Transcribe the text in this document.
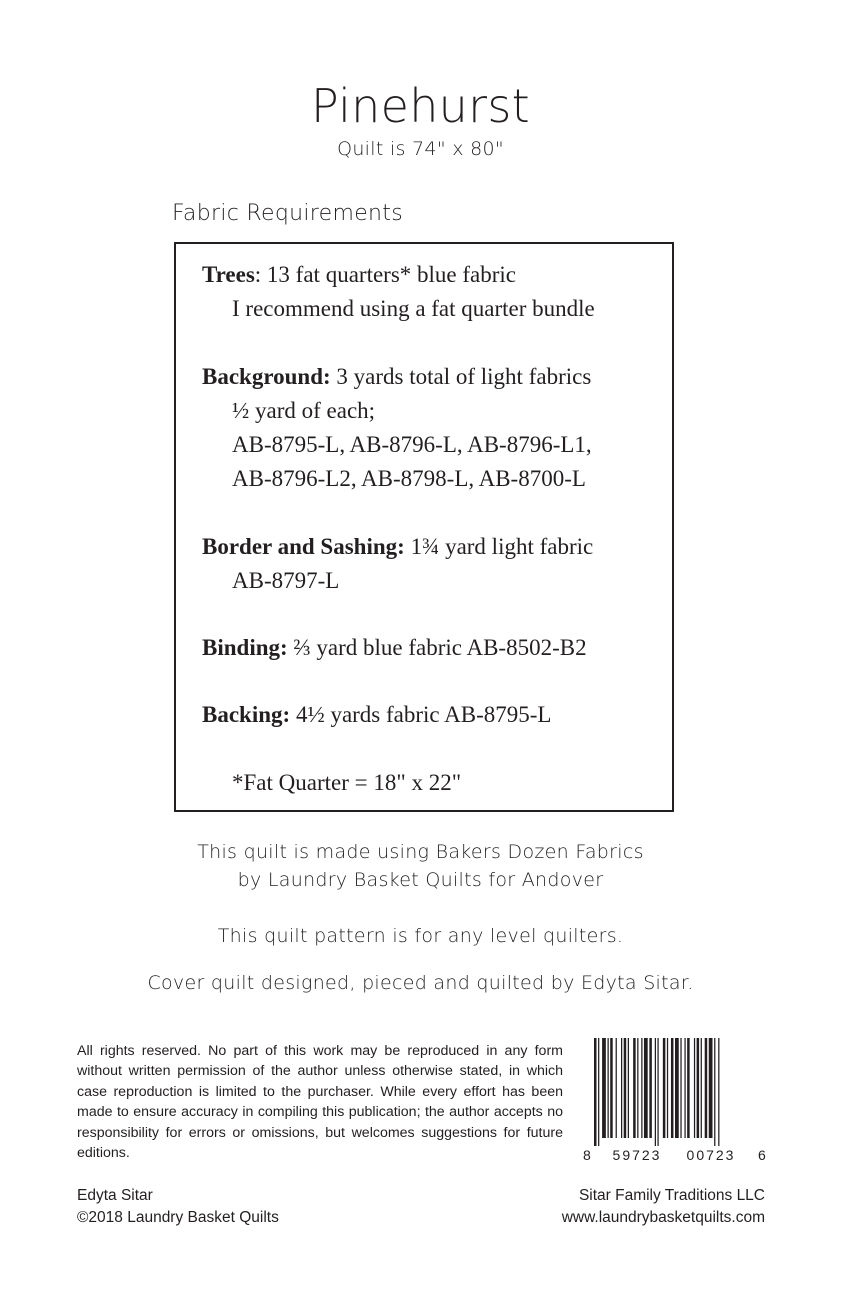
Pinehurst
Quilt is 74" x 80"
Fabric Requirements
Trees: 13 fat quarters* blue fabric
I recommend using a fat quarter bundle
Background: 3 yards total of light fabrics
½ yard of each;
AB-8795-L, AB-8796-L, AB-8796-L1,
AB-8796-L2, AB-8798-L, AB-8700-L
Border and Sashing: 1¾ yard light fabric
AB-8797-L
Binding: ⅔ yard blue fabric AB-8502-B2
Backing: 4½ yards fabric AB-8795-L
*Fat Quarter = 18" x 22"
This quilt is made using Bakers Dozen Fabrics
by Laundry Basket Quilts for Andover
This quilt pattern is for any level quilters.
Cover quilt designed, pieced and quilted by Edyta Sitar.
All rights reserved. No part of this work may be reproduced in any form without written permission of the author unless otherwise stated, in which case reproduction is limited to the purchaser. While every effort has been made to ensure accuracy in compiling this publication; the author accepts no responsibility for errors or omissions, but welcomes suggestions for future editions.	8 59723 00723 6
Edyta Sitar
©2018 Laundry Basket Quilts
Sitar Family Traditions LLC
www.laundrybasketquilts.com
